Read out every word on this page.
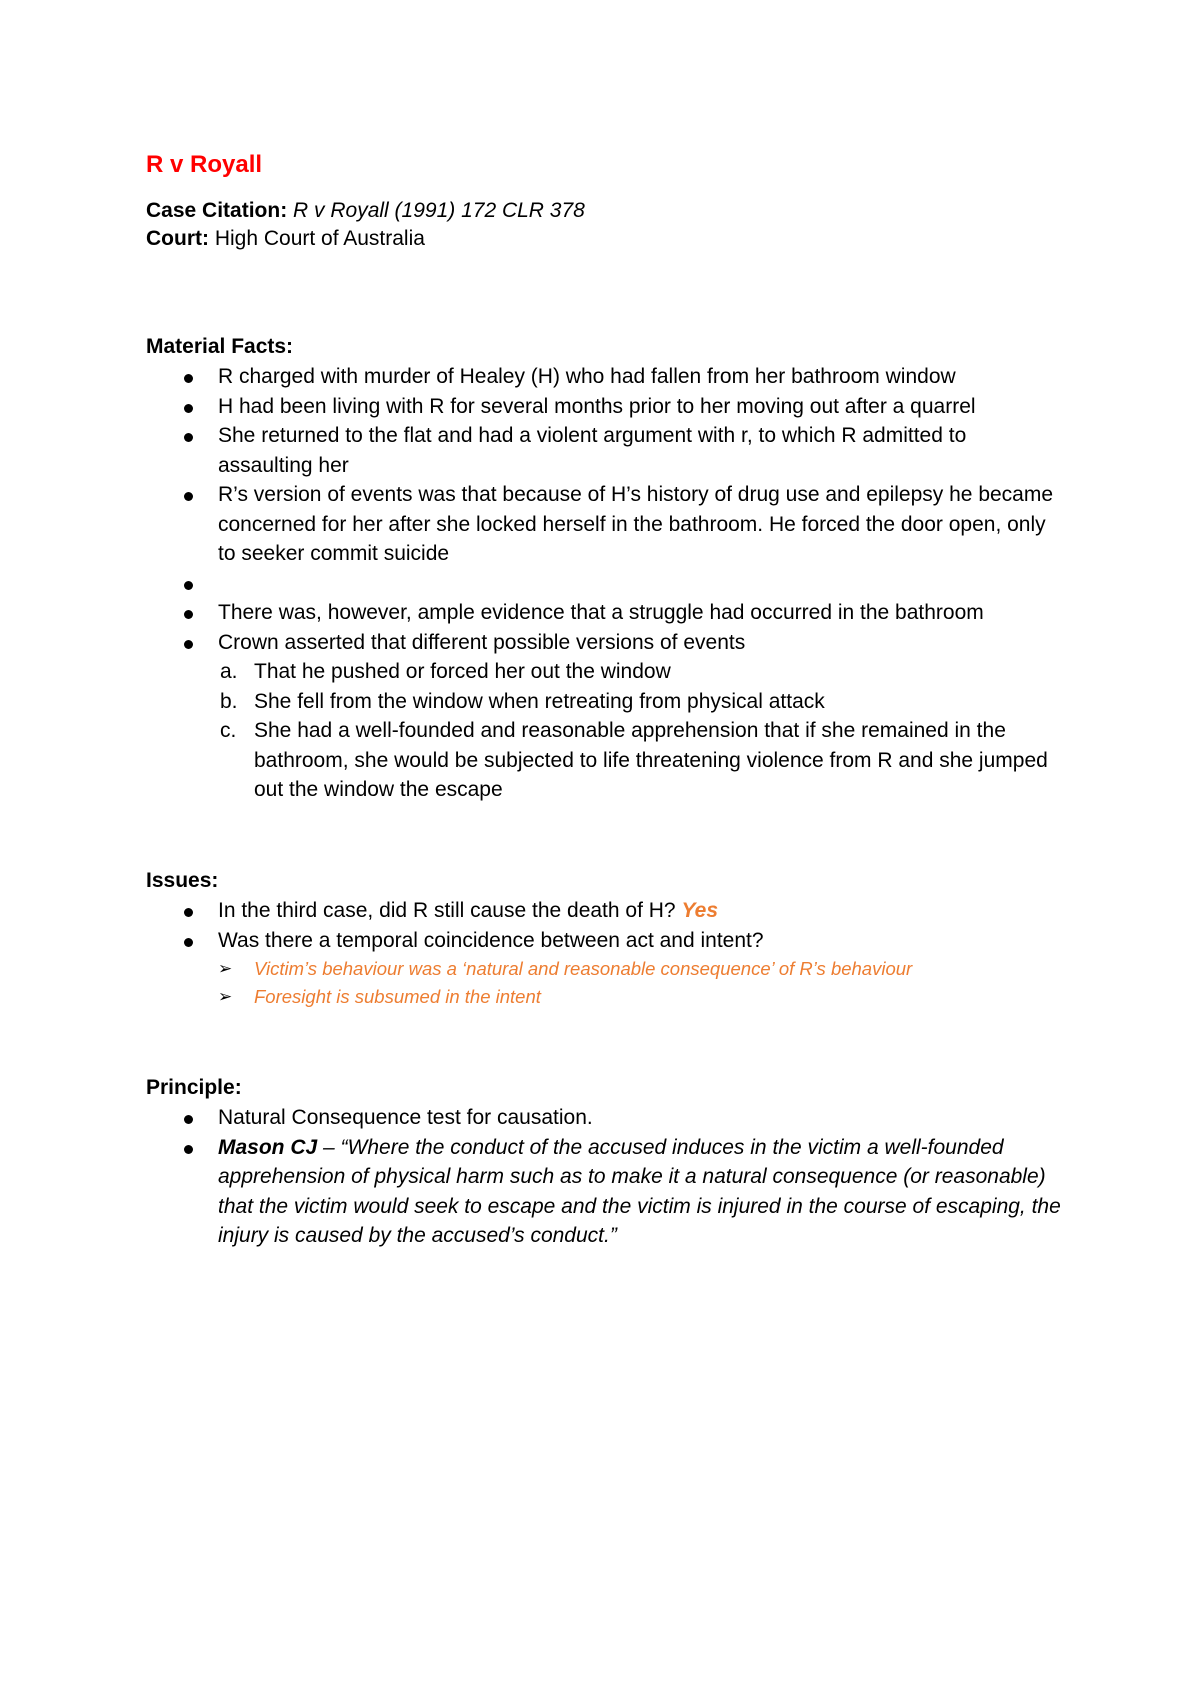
R v Royall
Case Citation: R v Royall (1991) 172 CLR 378
Court: High Court of Australia
Material Facts:
R charged with murder of Healey (H) who had fallen from her bathroom window
H had been living with R for several months prior to her moving out after a quarrel
She returned to the flat and had a violent argument with r, to which R admitted to assaulting her
R’s version of events was that because of H’s history of drug use and epilepsy he became concerned for her after she locked herself in the bathroom. He forced the door open, only to seeker commit suicide
There was, however, ample evidence that a struggle had occurred in the bathroom
Crown asserted that different possible versions of events
a. That he pushed or forced her out the window
b. She fell from the window when retreating from physical attack
c. She had a well-founded and reasonable apprehension that if she remained in the bathroom, she would be subjected to life threatening violence from R and she jumped out the window the escape
Issues:
In the third case, did R still cause the death of H? Yes
Was there a temporal coincidence between act and intent?
➢ Victim’s behaviour was a ‘natural and reasonable consequence’ of R’s behaviour
➢ Foresight is subsumed in the intent
Principle:
Natural Consequence test for causation.
Mason CJ – “Where the conduct of the accused induces in the victim a well-founded apprehension of physical harm such as to make it a natural consequence (or reasonable) that the victim would seek to escape and the victim is injured in the course of escaping, the injury is caused by the accused’s conduct.”
